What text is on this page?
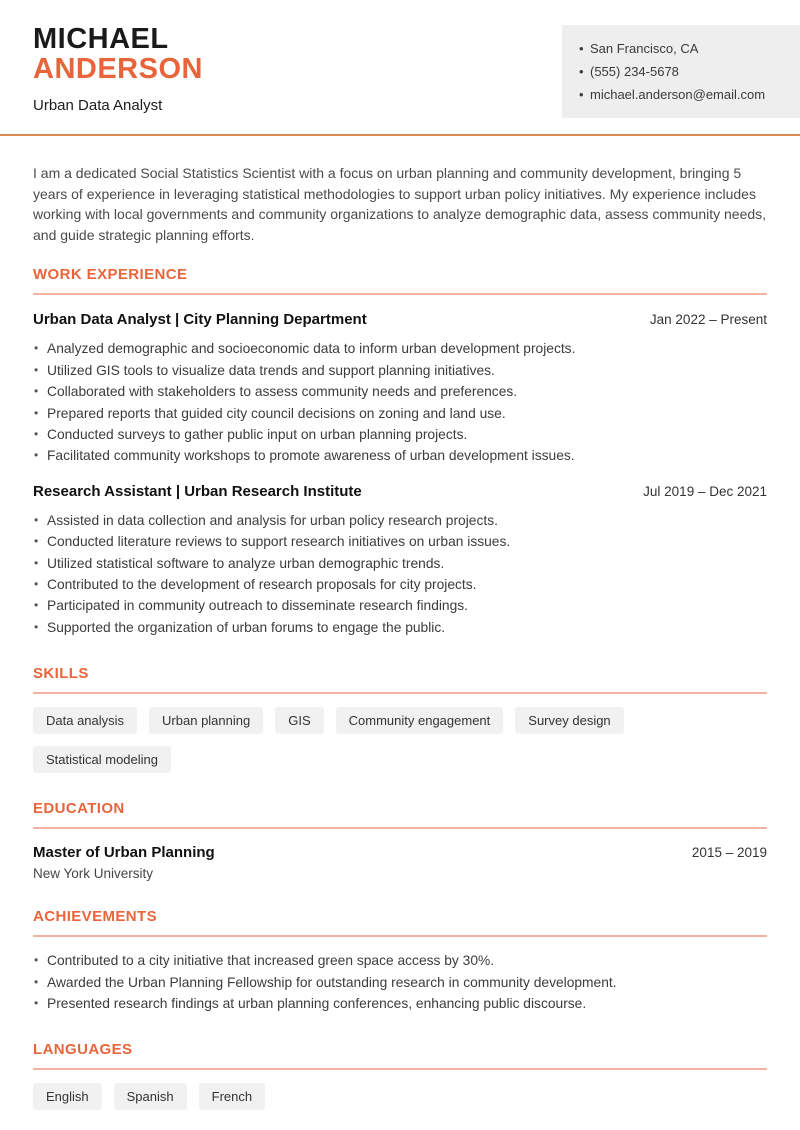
MICHAEL
ANDERSON
Urban Data Analyst
• San Francisco, CA
• (555) 234-5678
• michael.anderson@email.com

I am a dedicated Social Statistics Scientist with a focus on urban planning and community development, bringing 5 years of experience in leveraging statistical methodologies to support urban policy initiatives. My experience includes working with local governments and community organizations to analyze demographic data, assess community needs, and guide strategic planning efforts.

WORK EXPERIENCE
Urban Data Analyst | City Planning Department	Jan 2022 – Present
• Analyzed demographic and socioeconomic data to inform urban development projects.
• Utilized GIS tools to visualize data trends and support planning initiatives.
• Collaborated with stakeholders to assess community needs and preferences.
• Prepared reports that guided city council decisions on zoning and land use.
• Conducted surveys to gather public input on urban planning projects.
• Facilitated community workshops to promote awareness of urban development issues.
Research Assistant | Urban Research Institute	Jul 2019 – Dec 2021
• Assisted in data collection and analysis for urban policy research projects.
• Conducted literature reviews to support research initiatives on urban issues.
• Utilized statistical software to analyze urban demographic trends.
• Contributed to the development of research proposals for city projects.
• Participated in community outreach to disseminate research findings.
• Supported the organization of urban forums to engage the public.
SKILLS
Data analysis	Urban planning	GIS	Community engagement	Survey design
Statistical modeling
EDUCATION
Master of Urban Planning	2015 – 2019
New York University
ACHIEVEMENTS
• Contributed to a city initiative that increased green space access by 30%.
• Awarded the Urban Planning Fellowship for outstanding research in community development.
• Presented research findings at urban planning conferences, enhancing public discourse.
LANGUAGES
English	Spanish	French
